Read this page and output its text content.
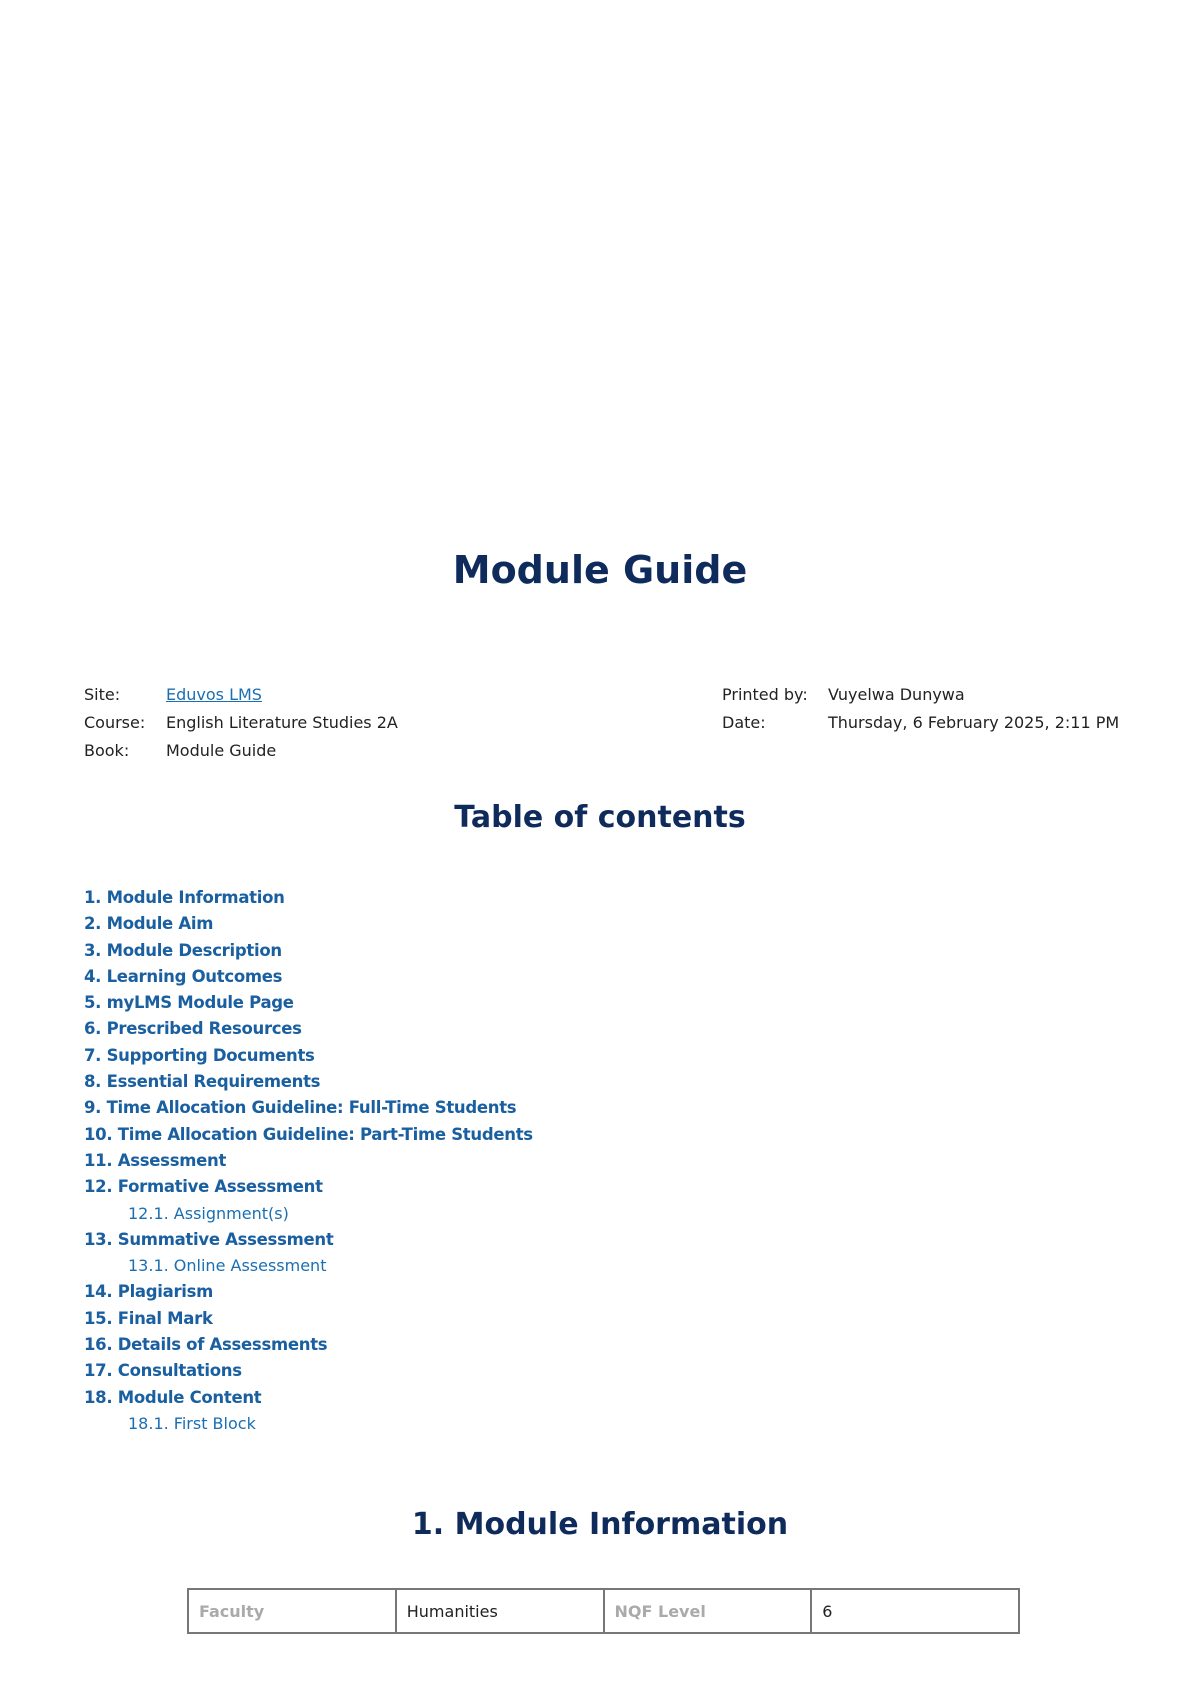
Module Guide
Site:	Eduvos LMS
Course:	English Literature Studies 2A
Book:	Module Guide
Printed by:	Vuyelwa Dunywa
Date:	Thursday, 6 February 2025, 2:11 PM
Table of contents
1. Module Information
2. Module Aim
3. Module Description
4. Learning Outcomes
5. myLMS Module Page
6. Prescribed Resources
7. Supporting Documents
8. Essential Requirements
9. Time Allocation Guideline: Full-Time Students
10. Time Allocation Guideline: Part-Time Students
11. Assessment
12. Formative Assessment
12.1. Assignment(s)
13. Summative Assessment
13.1. Online Assessment
14. Plagiarism
15. Final Mark
16. Details of Assessments
17. Consultations
18. Module Content
18.1. First Block
1. Module Information
Faculty	Humanities	NQF Level	6
